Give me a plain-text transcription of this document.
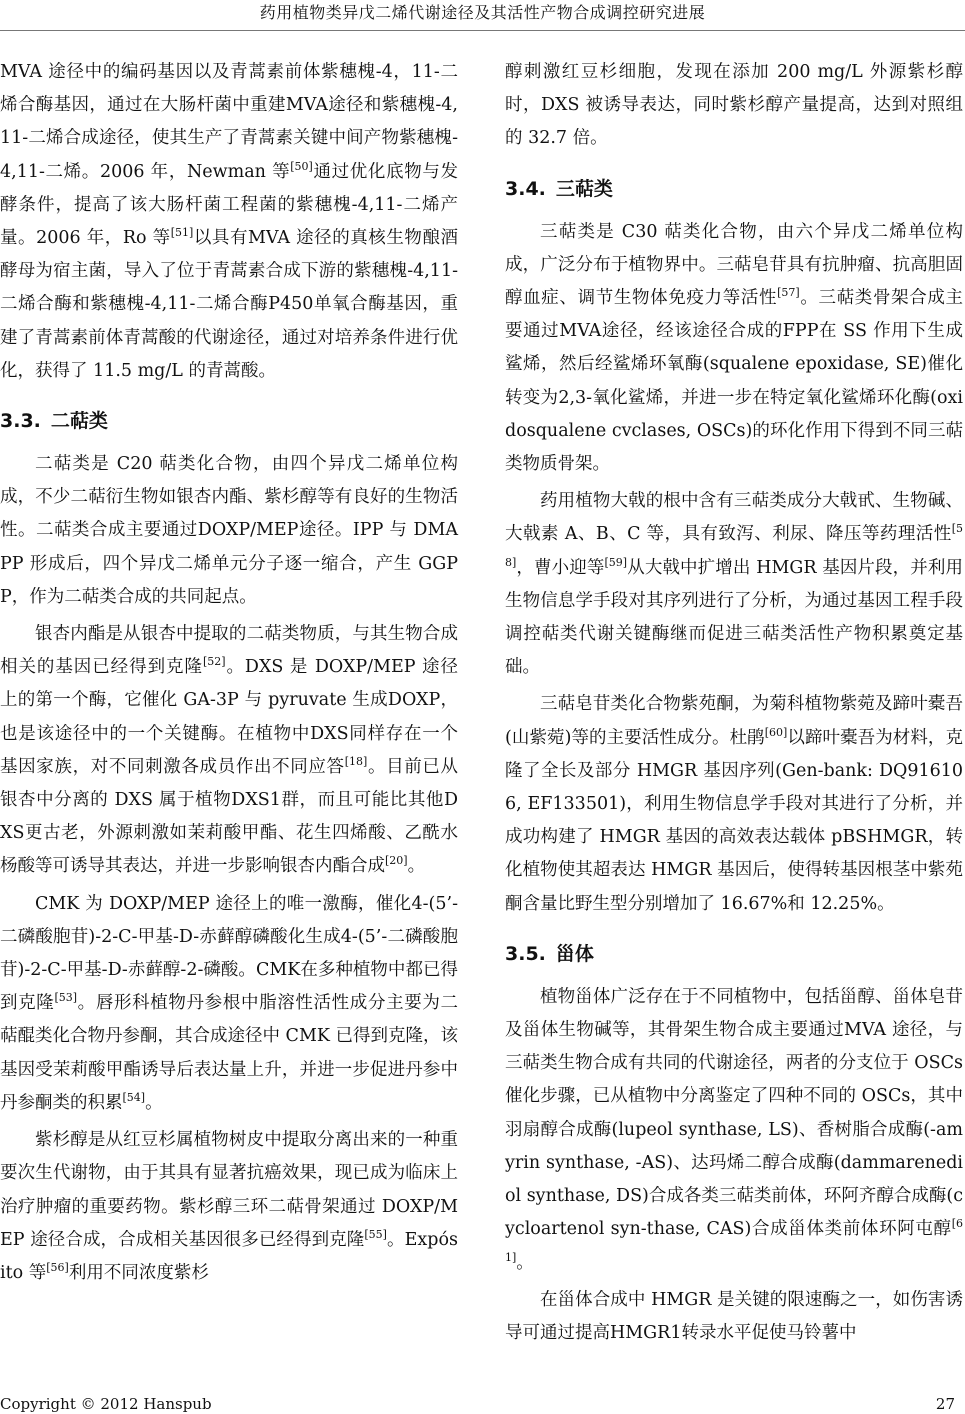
药用植物类异戊二烯代谢途径及其活性产物合成调控研究进展

MVA 途径中的编码基因以及青蒿素前体紫穗槐-4，11-二烯合酶基因，通过在大肠杆菌中重建MVA途径和紫穗槐-4,11-二烯合成途径，使其生产了青蒿素关键中间产物紫穗槐-4,11-二烯。2006 年，Newman 等[50]通过优化底物与发酵条件，提高了该大肠杆菌工程菌的紫穗槐-4,11-二烯产量。2006 年，Ro 等[51]以具有MVA 途径的真核生物酿酒酵母为宿主菌，导入了位于青蒿素合成下游的紫穗槐-4,11-二烯合酶和紫穗槐-4,11-二烯合酶P450单氧合酶基因，重建了青蒿素前体青蒿酸的代谢途径，通过对培养条件进行优化，获得了 11.5 mg/L 的青蒿酸。

3.3. 二萜类

二萜类是 C20 萜类化合物，由四个异戊二烯单位构成，不少二萜衍生物如银杏内酯、紫杉醇等有良好的生物活性。二萜类合成主要通过DOXP/MEP途径。IPP 与 DMAPP 形成后，四个异戊二烯单元分子逐一缩合，产生 GGPP，作为二萜类合成的共同起点。

银杏内酯是从银杏中提取的二萜类物质，与其生物合成相关的基因已经得到克隆[52]。DXS 是 DOXP/MEP 途径上的第一个酶，它催化 GA-3P 与 pyruvate 生成DOXP，也是该途径中的一个关键酶。在植物中DXS同样存在一个基因家族，对不同刺激各成员作出不同应答[18]。目前已从银杏中分离的 DXS 属于植物DXS1群，而且可能比其他DXS更古老，外源刺激如茉莉酸甲酯、花生四烯酸、乙酰水杨酸等可诱导其表达，并进一步影响银杏内酯合成[20]。

CMK 为 DOXP/MEP 途径上的唯一激酶，催化4-(5’-二磷酸胞苷)-2-C-甲基-D-赤藓醇磷酸化生成4-(5’-二磷酸胞苷)-2-C-甲基-D-赤藓醇-2-磷酸。CMK在多种植物中都已得到克隆[53]。唇形科植物丹参根中脂溶性活性成分主要为二萜醌类化合物丹参酮，其合成途径中 CMK 已得到克隆，该基因受茉莉酸甲酯诱导后表达量上升，并进一步促进丹参中丹参酮类的积累[54]。

紫杉醇是从红豆杉属植物树皮中提取分离出来的一种重要次生代谢物，由于其具有显著抗癌效果，现已成为临床上治疗肿瘤的重要药物。紫杉醇三环二萜骨架通过 DOXP/MEP 途径合成，合成相关基因很多已经得到克隆[55]。Expósito 等[56]利用不同浓度紫杉

醇刺激红豆杉细胞，发现在添加 200 mg/L 外源紫杉醇时，DXS 被诱导表达，同时紫杉醇产量提高，达到对照组的 32.7 倍。

3.4. 三萜类

三萜类是 C30 萜类化合物，由六个异戊二烯单位构成，广泛分布于植物界中。三萜皂苷具有抗肿瘤、抗高胆固醇血症、调节生物体免疫力等活性[57]。三萜类骨架合成主要通过MVA途径，经该途径合成的FPP在 SS 作用下生成鲨烯，然后经鲨烯环氧酶(squalene epoxidase, SE)催化转变为2,3-氧化鲨烯，并进一步在特定氧化鲨烯环化酶(oxidosqualene cvclases, OSCs)的环化作用下得到不同三萜类物质骨架。

药用植物大戟的根中含有三萜类成分大戟甙、生物碱、大戟素 A、B、C 等，具有致泻、利尿、降压等药理活性[58]，曹小迎等[59]从大戟中扩增出 HMGR 基因片段，并利用生物信息学手段对其序列进行了分析，为通过基因工程手段调控萜类代谢关键酶继而促进三萜类活性产物积累奠定基础。

三萜皂苷类化合物紫苑酮，为菊科植物紫菀及蹄叶橐吾(山紫菀)等的主要活性成分。杜鹃[60]以蹄叶橐吾为材料，克隆了全长及部分 HMGR 基因序列(Gen-bank: DQ916106, EF133501)，利用生物信息学手段对其进行了分析，并成功构建了 HMGR 基因的高效表达载体 pBSHMGR，转化植物使其超表达 HMGR 基因后，使得转基因根茎中紫苑酮含量比野生型分别增加了 16.67%和 12.25%。

3.5. 甾体

植物甾体广泛存在于不同植物中，包括甾醇、甾体皂苷及甾体生物碱等，其骨架生物合成主要通过MVA 途径，与三萜类生物合成有共同的代谢途径，两者的分支位于 OSCs 催化步骤，已从植物中分离鉴定了四种不同的 OSCs，其中羽扇醇合成酶(lupeol synthase, LS)、香树脂合成酶(-amyrin synthase, -AS)、达玛烯二醇合成酶(dammarenediol synthase, DS)合成各类三萜类前体，环阿齐醇合成酶(cycloartenol syn-thase, CAS)合成甾体类前体环阿屯醇[61]。

在甾体合成中 HMGR 是关键的限速酶之一，如伤害诱导可通过提高HMGR1转录水平促使马铃薯中

Copyright © 2012 Hanspub	27
